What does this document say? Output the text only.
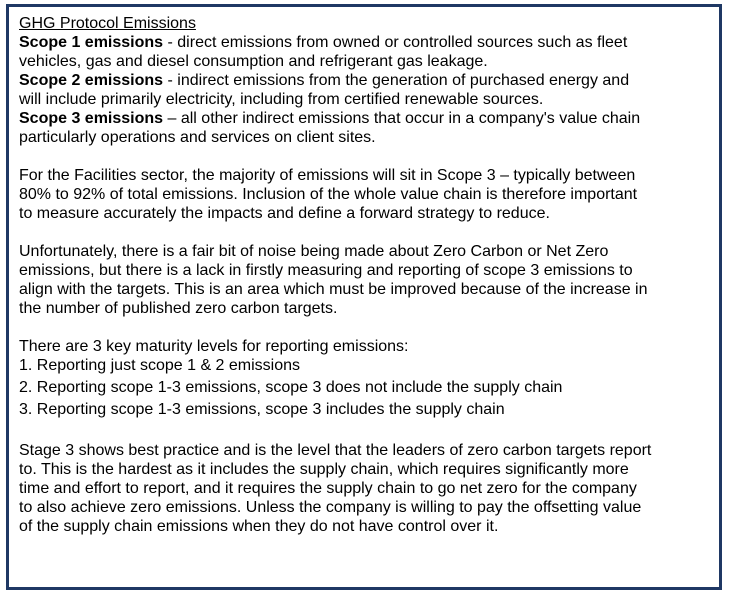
GHG Protocol Emissions
Scope 1 emissions - direct emissions from owned or controlled sources such as fleet
vehicles, gas and diesel consumption and refrigerant gas leakage.
Scope 2 emissions - indirect emissions from the generation of purchased energy and
will include primarily electricity, including from certified renewable sources.
Scope 3 emissions – all other indirect emissions that occur in a company's value chain
particularly operations and services on client sites.
For the Facilities sector, the majority of emissions will sit in Scope 3 – typically between
80% to 92% of total emissions. Inclusion of the whole value chain is therefore important
to measure accurately the impacts and define a forward strategy to reduce.
Unfortunately, there is a fair bit of noise being made about Zero Carbon or Net Zero
emissions, but there is a lack in firstly measuring and reporting of scope 3 emissions to
align with the targets. This is an area which must be improved because of the increase in
the number of published zero carbon targets.
There are 3 key maturity levels for reporting emissions:
1. Reporting just scope 1 & 2 emissions
2. Reporting scope 1-3 emissions, scope 3 does not include the supply chain
3. Reporting scope 1-3 emissions, scope 3 includes the supply chain
Stage 3 shows best practice and is the level that the leaders of zero carbon targets report
to. This is the hardest as it includes the supply chain, which requires significantly more
time and effort to report, and it requires the supply chain to go net zero for the company
to also achieve zero emissions. Unless the company is willing to pay the offsetting value
of the supply chain emissions when they do not have control over it.
